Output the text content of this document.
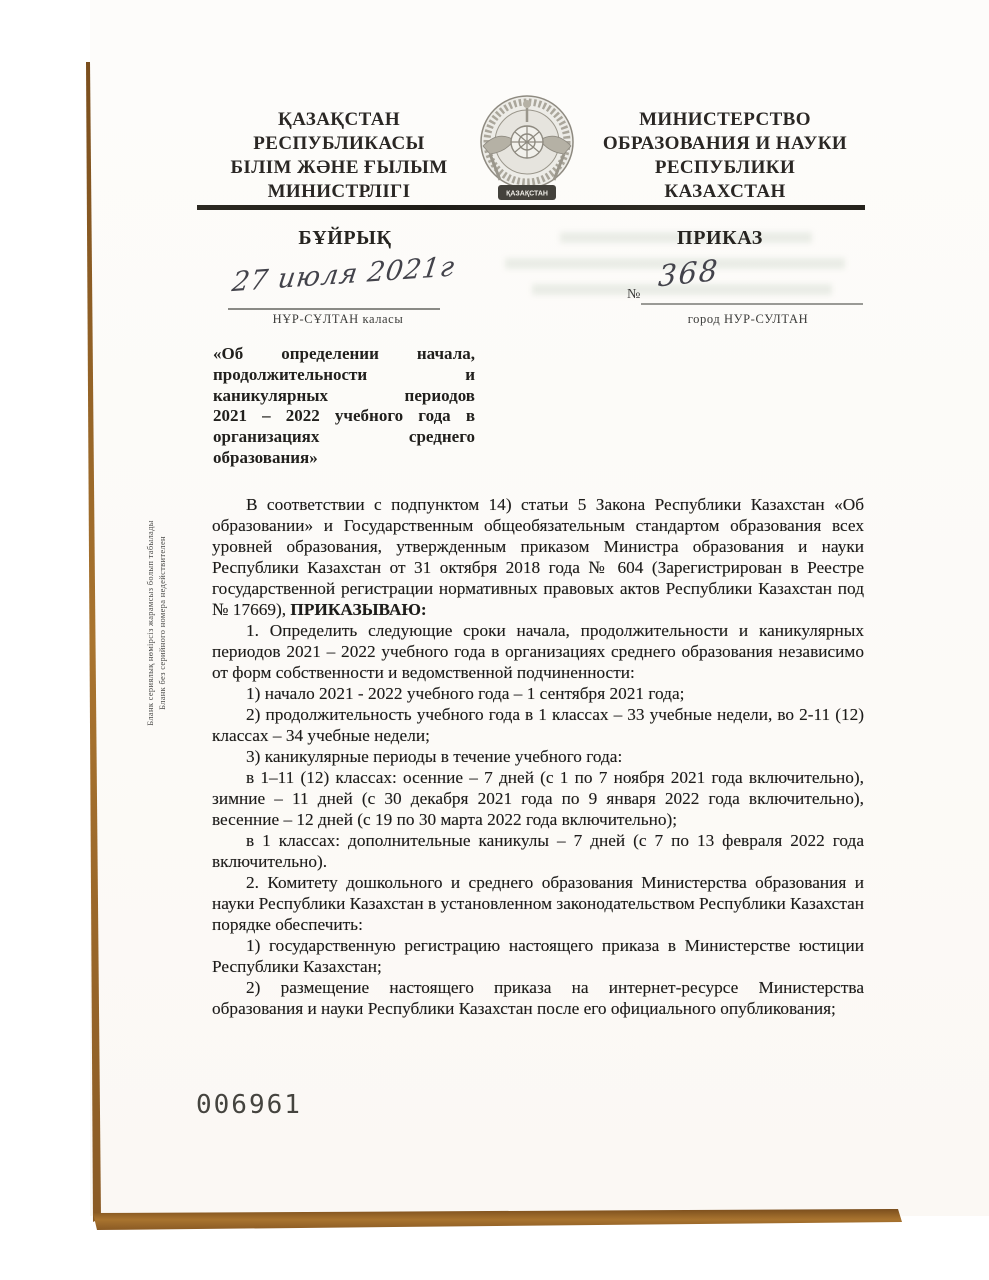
ҚАЗАҚСТАН
РЕСПУБЛИКАСЫ
БІЛІМ ЖӘНЕ ҒЫЛЫМ
МИНИСТРЛІГІ	ҚАЗАҚСТАН
МИНИСТЕРСТВО
ОБРАЗОВАНИЯ И НАУКИ
РЕСПУБЛИКИ
КАЗАХСТАН
БҰЙРЫҚ	ПРИКАЗ
27 июля 2021г
НҰР-СҰЛТАН каласы
№
368
город НУР-СУЛТАН
«Об определении начала,
продолжительности и
каникулярных периодов
2021 – 2022 учебного года в
организациях среднего
образования»

В соответствии с подпунктом 14) статьи 5 Закона Республики Казахстан «Об образовании» и Государственным общеобязательным стандартом образования всех уровней образования, утвержденным приказом Министра образования и науки Республики Казахстан от 31 октября 2018 года № 604 (Зарегистрирован в Реестре государственной регистрации нормативных правовых актов Республики Казахстан под № 17669), ПРИКАЗЫВАЮ:

1. Определить следующие сроки начала, продолжительности и каникулярных периодов 2021 – 2022 учебного года в организациях среднего образования независимо от форм собственности и ведомственной подчиненности:

1) начало 2021 - 2022 учебного года – 1 сентября 2021 года;

2) продолжительность учебного года в 1 классах – 33 учебные недели, во 2-11 (12) классах – 34 учебные недели;

3) каникулярные периоды в течение учебного года:

в 1–11 (12) классах: осенние – 7 дней (с 1 по 7 ноября 2021 года включительно), зимние – 11 дней (с 30 декабря 2021 года по 9 января 2022 года включительно), весенние – 12 дней (с 19 по 30 марта 2022 года включительно);

в 1 классах: дополнительные каникулы – 7 дней (с 7 по 13 февраля 2022 года включительно).

2. Комитету дошкольного и среднего образования Министерства образования и науки Республики Казахстан в установленном законодательством Республики Казахстан порядке обеспечить:

1) государственную регистрацию настоящего приказа в Министерстве юстиции Республики Казахстан;

2) размещение настоящего приказа на интернет-ресурсе Министерства образования и науки Республики Казахстан после его официального опубликования;

Бланк сериялық нөмірсіз жарамсыз болып табылады Бланк без серийного номера недействителен
006961
